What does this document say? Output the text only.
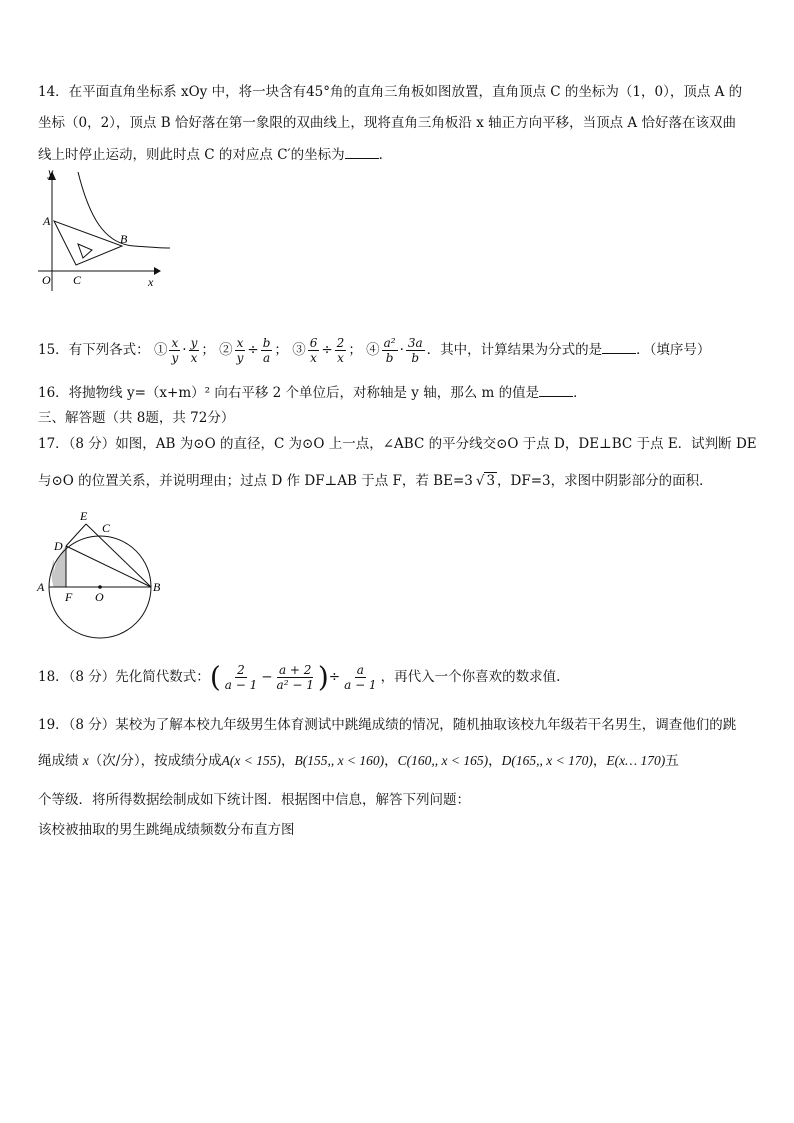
14．在平面直角坐标系 xOy 中，将一块含有45°角的直角三角板如图放置，直角顶点 C 的坐标为（1，0），顶点 A 的
坐标（0，2），顶点 B 恰好落在第一象限的双曲线上，现将直角三角板沿 x 轴正方向平移，当顶点 A 恰好落在该双曲
线上时停止运动，则此时点 C 的对应点 C′的坐标为	．
y
x
A
B
C
O
15．有下列各式： ① $\frac{x}{y} \cdot \frac{y}{x}$ ； ② $\frac{x}{y} \div \frac{b}{a}$ ； ③ $\frac{6}{x} \div \frac{2}{x}$ ； ④ $\frac{\text{a²}}{b} \cdot \frac{3a}{b}$ ．其中，计算结果为分式的是	．（填序号）
16．将抛物线 y=（x+m）² 向右平移 2 个单位后，对称轴是 y 轴，那么 m 的值是	．
三、解答题（共 8题，共 72分）
17．（8 分）如图，AB 为⊙O 的直径，C 为⊙O 上一点，∠ABC 的平分线交⊙O 于点 D，DE⊥BC 于点 E．试判断 DE
与⊙O 的位置关系，并说明理由；过点 D 作 DF⊥AB 于点 F，若 BE=3 √ 3 ，DF=3，求图中阴影部分的面积．
E
C
D
A
F O
B
18．（8 分）先化简代数式：( $\frac{2}{a - 1} - \frac{a + 2}{\text{a² − 1}}$ )÷ $\frac{a}{a - 1}$ ，再代入一个你喜欢的数求值.
19．（8 分）某校为了解本校九年级男生体育测试中跳绳成绩的情况，随机抽取该校九年级若干名男生，调查他们的跳
绳成绩 x（次/分），按成绩分成A(x < 155)，B(155,, x < 160)，C(160,, x < 165)，D(165,, x < 170)，E(x… 170)五
个等级．将所得数据绘制成如下统计图．根据图中信息，解答下列问题：
该校被抽取的男生跳绳成绩频数分布直方图
